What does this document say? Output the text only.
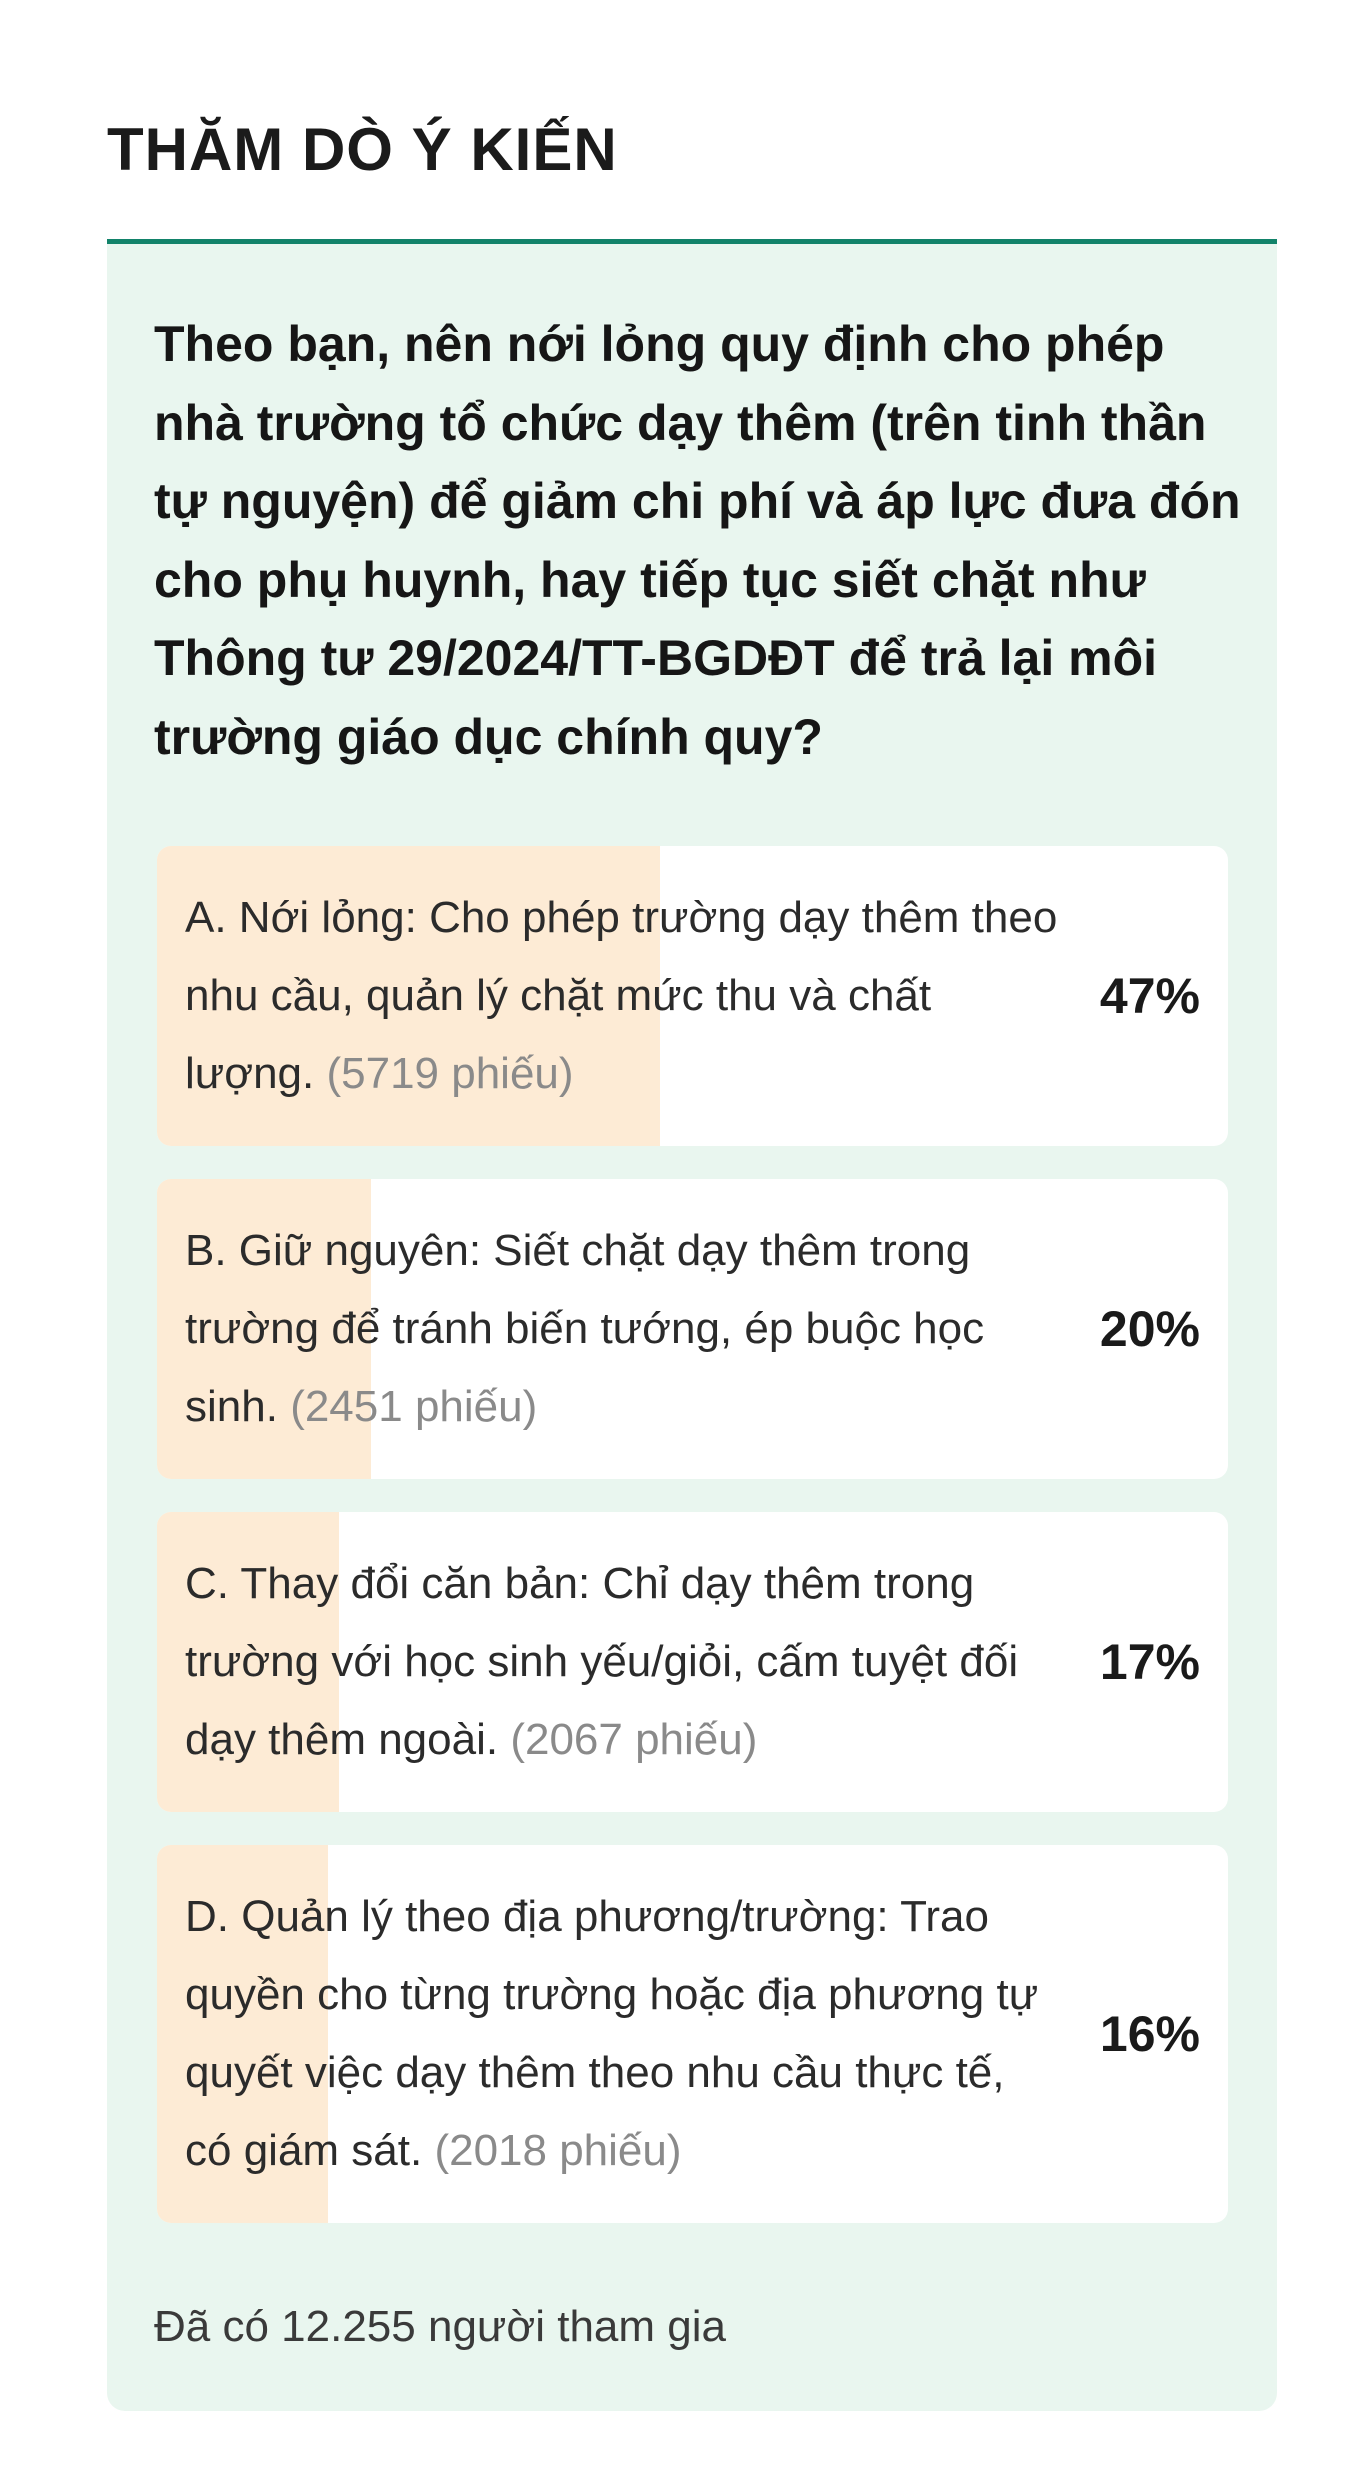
THĂM DÒ Ý KIẾN

Theo bạn, nên nới lỏng quy định cho phép nhà trường tổ chức dạy thêm (trên tinh thần tự nguyện) để giảm chi phí và áp lực đưa đón cho phụ huynh, hay tiếp tục siết chặt như Thông tư 29/2024/TT-BGDĐT để trả lại môi trường giáo dục chính quy?

A. Nới lỏng: Cho phép trường dạy thêm theo nhu cầu, quản lý chặt mức thu và chất lượng. (5719 phiếu)
47%
B. Giữ nguyên: Siết chặt dạy thêm trong trường để tránh biến tướng, ép buộc học sinh. (2451 phiếu)
20%
C. Thay đổi căn bản: Chỉ dạy thêm trong trường với học sinh yếu/giỏi, cấm tuyệt đối dạy thêm ngoài. (2067 phiếu)
17%
D. Quản lý theo địa phương/trường: Trao quyền cho từng trường hoặc địa phương tự quyết việc dạy thêm theo nhu cầu thực tế, có giám sát. (2018 phiếu)
16%

Đã có 12.255 người tham gia
